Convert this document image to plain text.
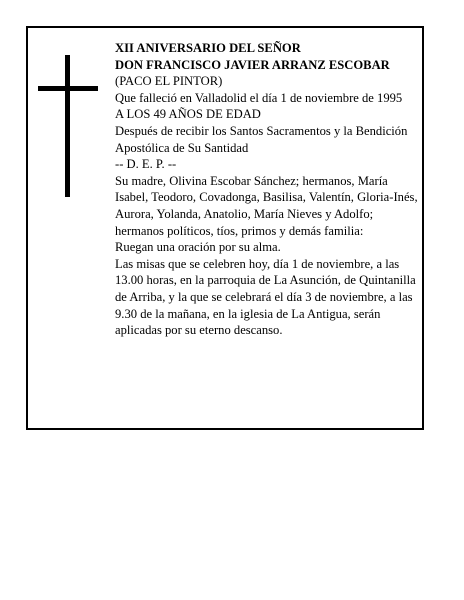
XII ANIVERSARIO DEL SEÑOR

DON FRANCISCO JAVIER ARRANZ ESCOBAR

(PACO EL PINTOR)

Que falleció en Valladolid el día 1 de noviembre de 1995

A LOS 49 AÑOS DE EDAD

Después de recibir los Santos Sacramentos y la Bendición Apostólica de Su Santidad

-- D. E. P. --

Su madre, Olivina Escobar Sánchez; hermanos, María Isabel, Teodoro, Covadonga, Basilisa, Valentín, Gloria-Inés, Aurora, Yolanda, Anatolio, María Nieves y Adolfo; hermanos políticos, tíos, primos y demás familia:

Ruegan una oración por su alma.

Las misas que se celebren hoy, día 1 de noviembre, a las 13.00 horas, en la parroquia de La Asunción, de Quintanilla de Arriba, y la que se celebrará el día 3 de noviembre, a las 9.30 de la mañana, en la iglesia de La Antigua, serán aplicadas por su eterno descanso.
